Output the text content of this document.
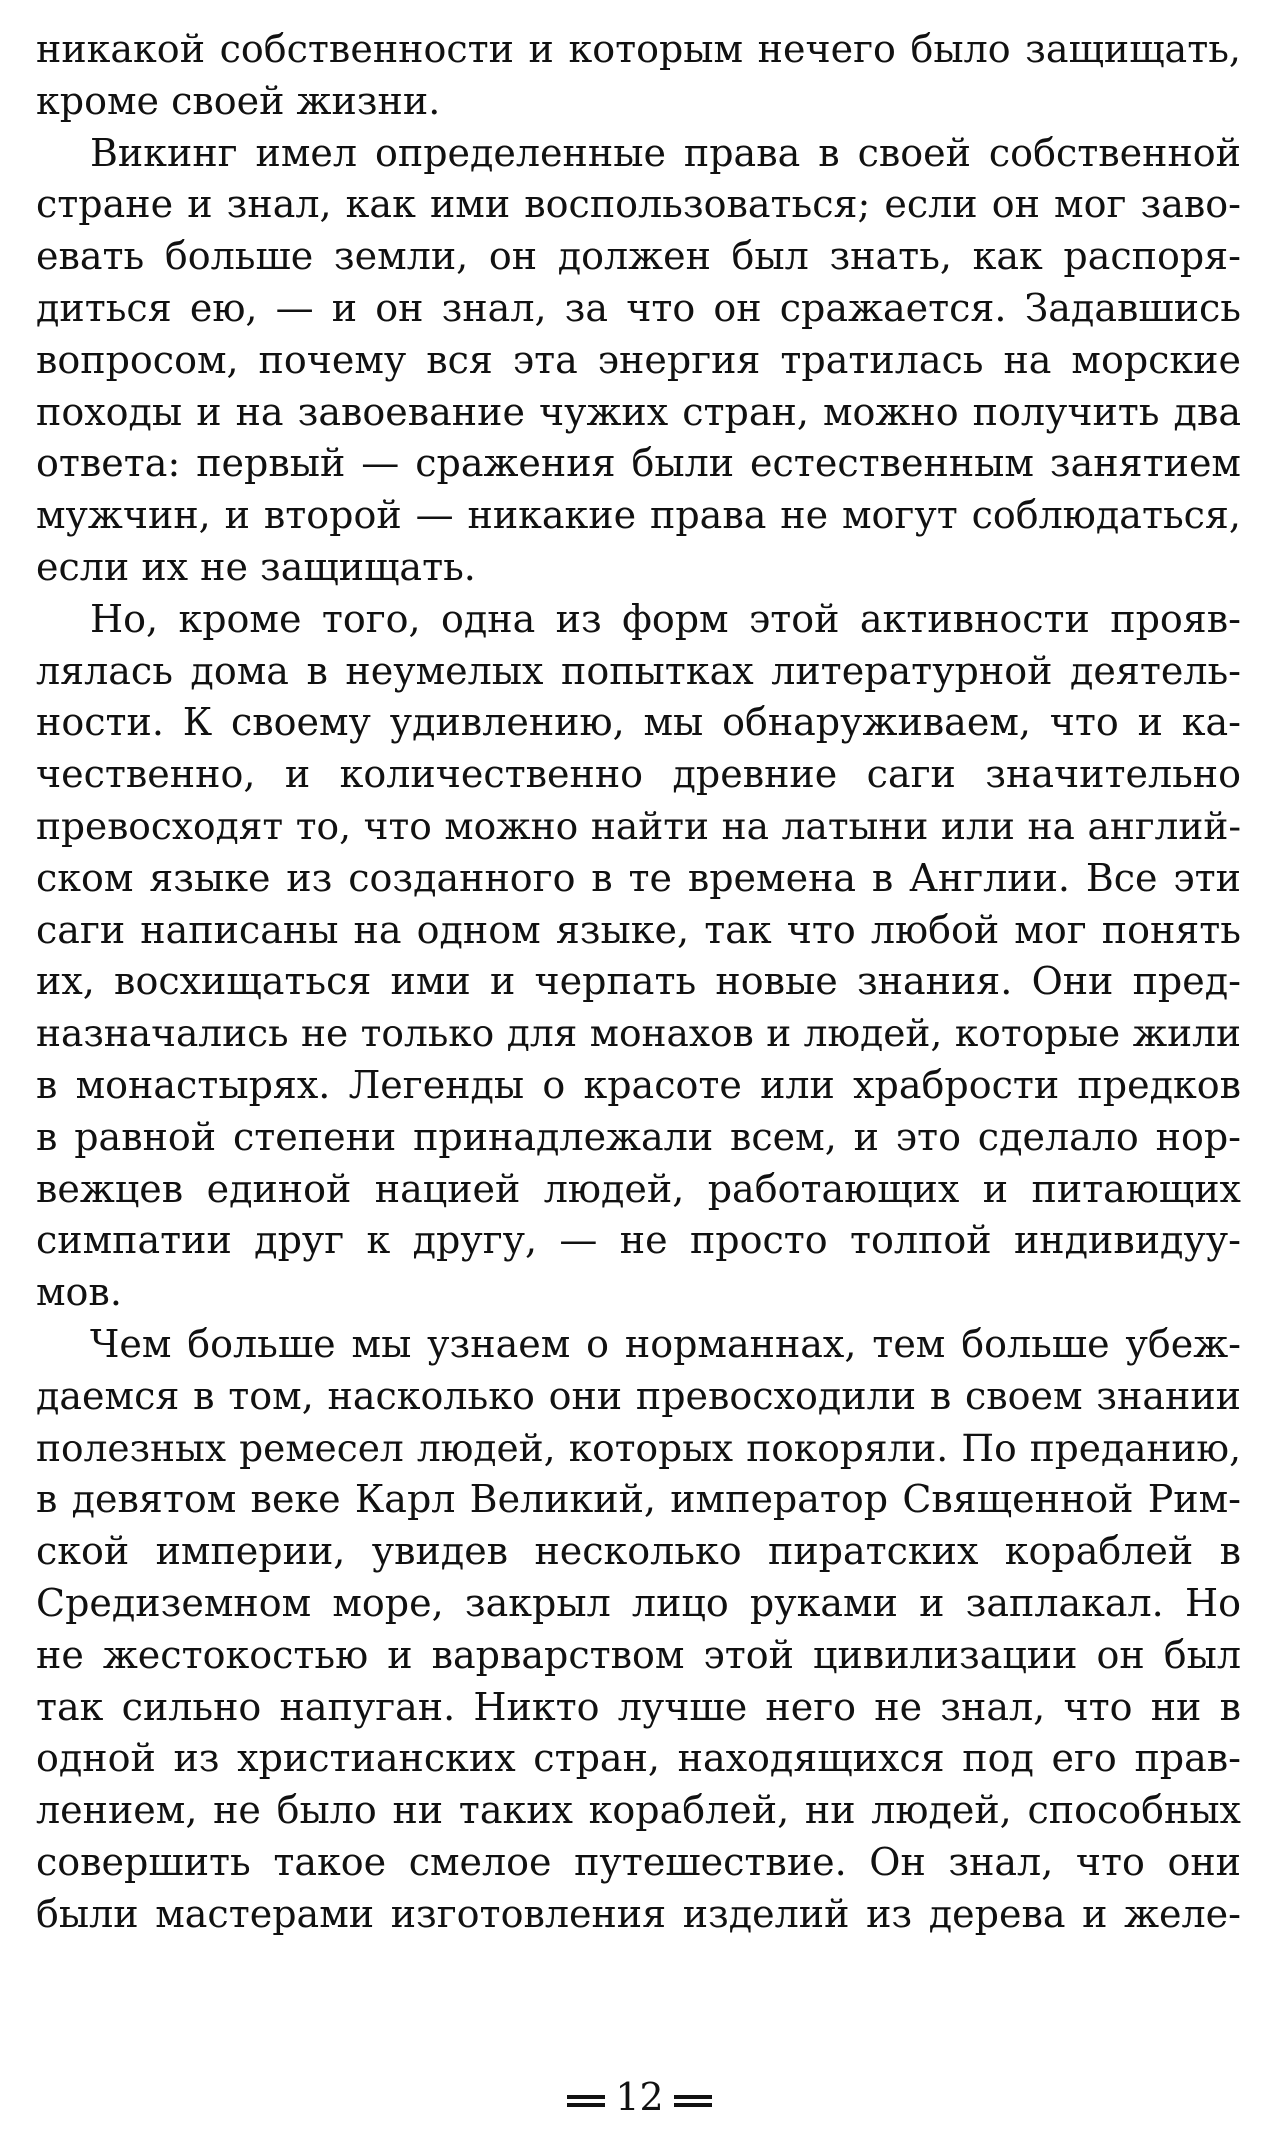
никакой собственности и которым нечего было защищать,
кроме своей жизни.
Викинг имел определенные права в своей собственной
стране и знал, как ими воспользоваться; если он мог заво-
евать больше земли, он должен был знать, как распоря-
диться ею, — и он знал, за что он сражается. Задавшись
вопросом, почему вся эта энергия тратилась на морские
походы и на завоевание чужих стран, можно получить два
ответа: первый — сражения были естественным занятием
мужчин, и второй — никакие права не могут соблюдаться,
если их не защищать.
Но, кроме того, одна из форм этой активности прояв-
лялась дома в неумелых попытках литературной деятель-
ности. К своему удивлению, мы обнаруживаем, что и ка-
чественно, и количественно древние саги значительно
превосходят то, что можно найти на латыни или на англий-
ском языке из созданного в те времена в Англии. Все эти
саги написаны на одном языке, так что любой мог понять
их, восхищаться ими и черпать новые знания. Они пред-
назначались не только для монахов и людей, которые жили
в монастырях. Легенды о красоте или храбрости предков
в равной степени принадлежали всем, и это сделало нор-
вежцев единой нацией людей, работающих и питающих
симпатии друг к другу, — не просто толпой индивидуу-
мов.
Чем больше мы узнаем о норманнах, тем больше убеж-
даемся в том, насколько они превосходили в своем знании
полезных ремесел людей, которых покоряли. По преданию,
в девятом веке Карл Великий, император Священной Рим-
ской империи, увидев несколько пиратских кораблей в
Средиземном море, закрыл лицо руками и заплакал. Но
не жестокостью и варварством этой цивилизации он был
так сильно напуган. Никто лучше него не знал, что ни в
одной из христианских стран, находящихся под его прав-
лением, не было ни таких кораблей, ни людей, способных
совершить такое смелое путешествие. Он знал, что они
были мастерами изготовления изделий из дерева и желе-
12
